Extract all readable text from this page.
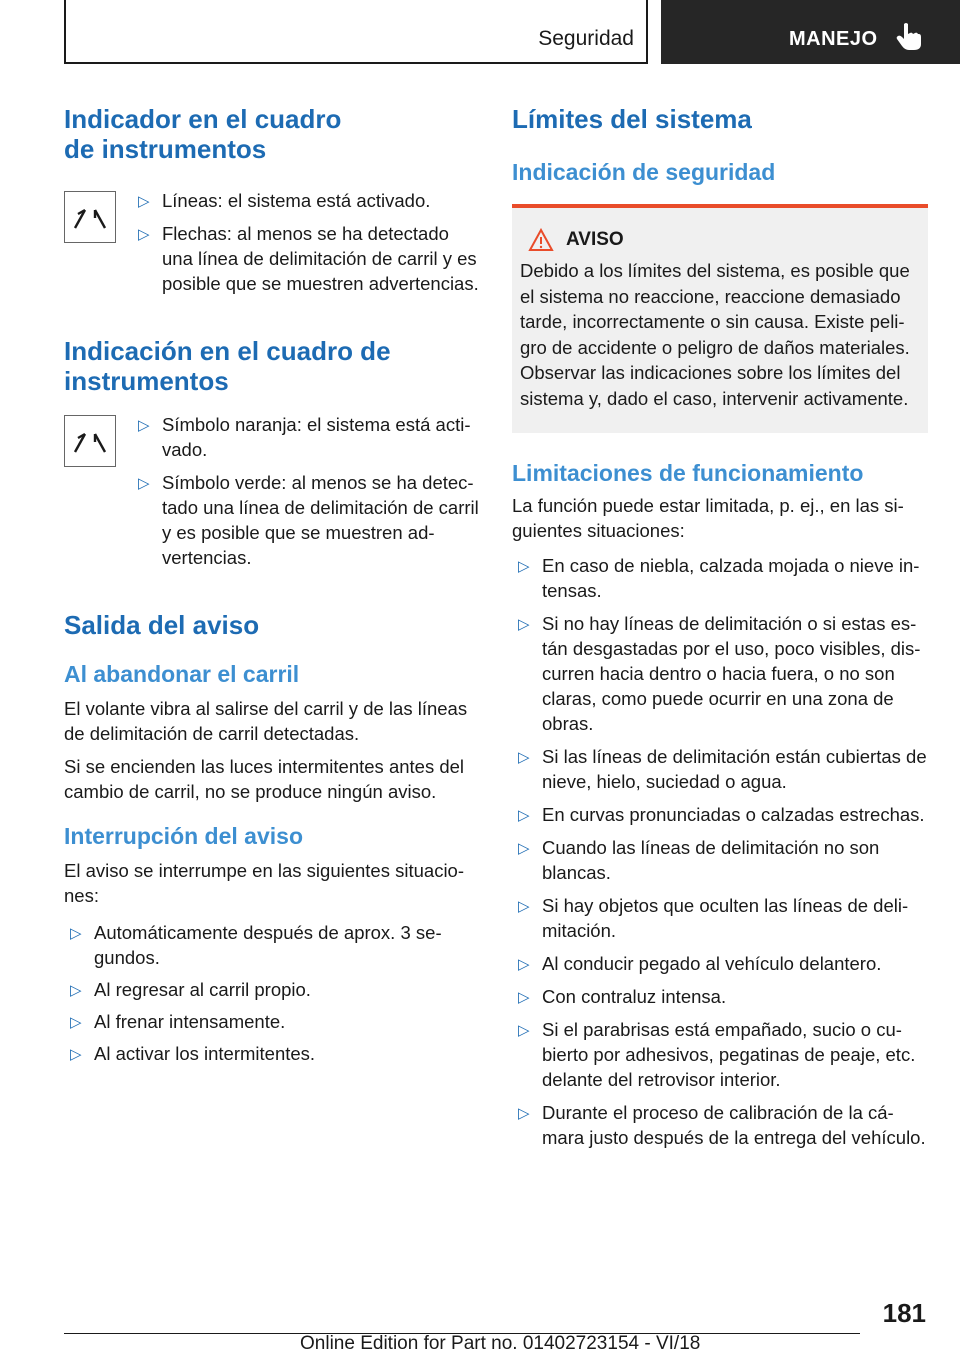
Seguridad	MANEJO
Indicador en el cuadro
de instrumentos
▷ Líneas: el sistema está activado.
▷ Flechas: al menos se ha detectado una línea de delimitación de carril y es posible que se muestren advertencias.
Indicación en el cuadro de
instrumentos
▷ Símbolo naranja: el sistema está activado.
▷ Símbolo verde: al menos se ha detectado una línea de delimitación de carril y es posible que se muestren advertencias.
Salida del aviso
Al abandonar el carril

El volante vibra al salirse del carril y de las líneas de delimitación de carril detectadas.

Si se encienden las luces intermitentes antes del cambio de carril, no se produce ningún aviso.

Interrupción del aviso

El aviso se interrumpe en las siguientes situaciones:

▷ Automáticamente después de aprox. 3 segundos.
▷ Al regresar al carril propio.
▷ Al frenar intensamente.
▷ Al activar los intermitentes.
Límites del sistema
Indicación de seguridad
AVISO

Debido a los límites del sistema, es posible que el sistema no reaccione, reaccione demasiado tarde, incorrectamente o sin causa. Existe peligro de accidente o peligro de daños materiales. Observar las indicaciones sobre los límites del sistema y, dado el caso, intervenir activamente.

Limitaciones de funcionamiento

La función puede estar limitada, p. ej., en las siguientes situaciones:

▷ En caso de niebla, calzada mojada o nieve intensas.
▷ Si no hay líneas de delimitación o si estas están desgastadas por el uso, poco visibles, discurren hacia dentro o hacia fuera, o no son claras, como puede ocurrir en una zona de obras.
▷ Si las líneas de delimitación están cubiertas de nieve, hielo, suciedad o agua.
▷ En curvas pronunciadas o calzadas estrechas.
▷ Cuando las líneas de delimitación no son blancas.
▷ Si hay objetos que oculten las líneas de delimitación.
▷ Al conducir pegado al vehículo delantero.
▷ Con contraluz intensa.
▷ Si el parabrisas está empañado, sucio o cubierto por adhesivos, pegatinas de peaje, etc. delante del retrovisor interior.
▷ Durante el proceso de calibración de la cámara justo después de la entrega del vehículo.
181
Online Edition for Part no. 01402723154 - VI/18
